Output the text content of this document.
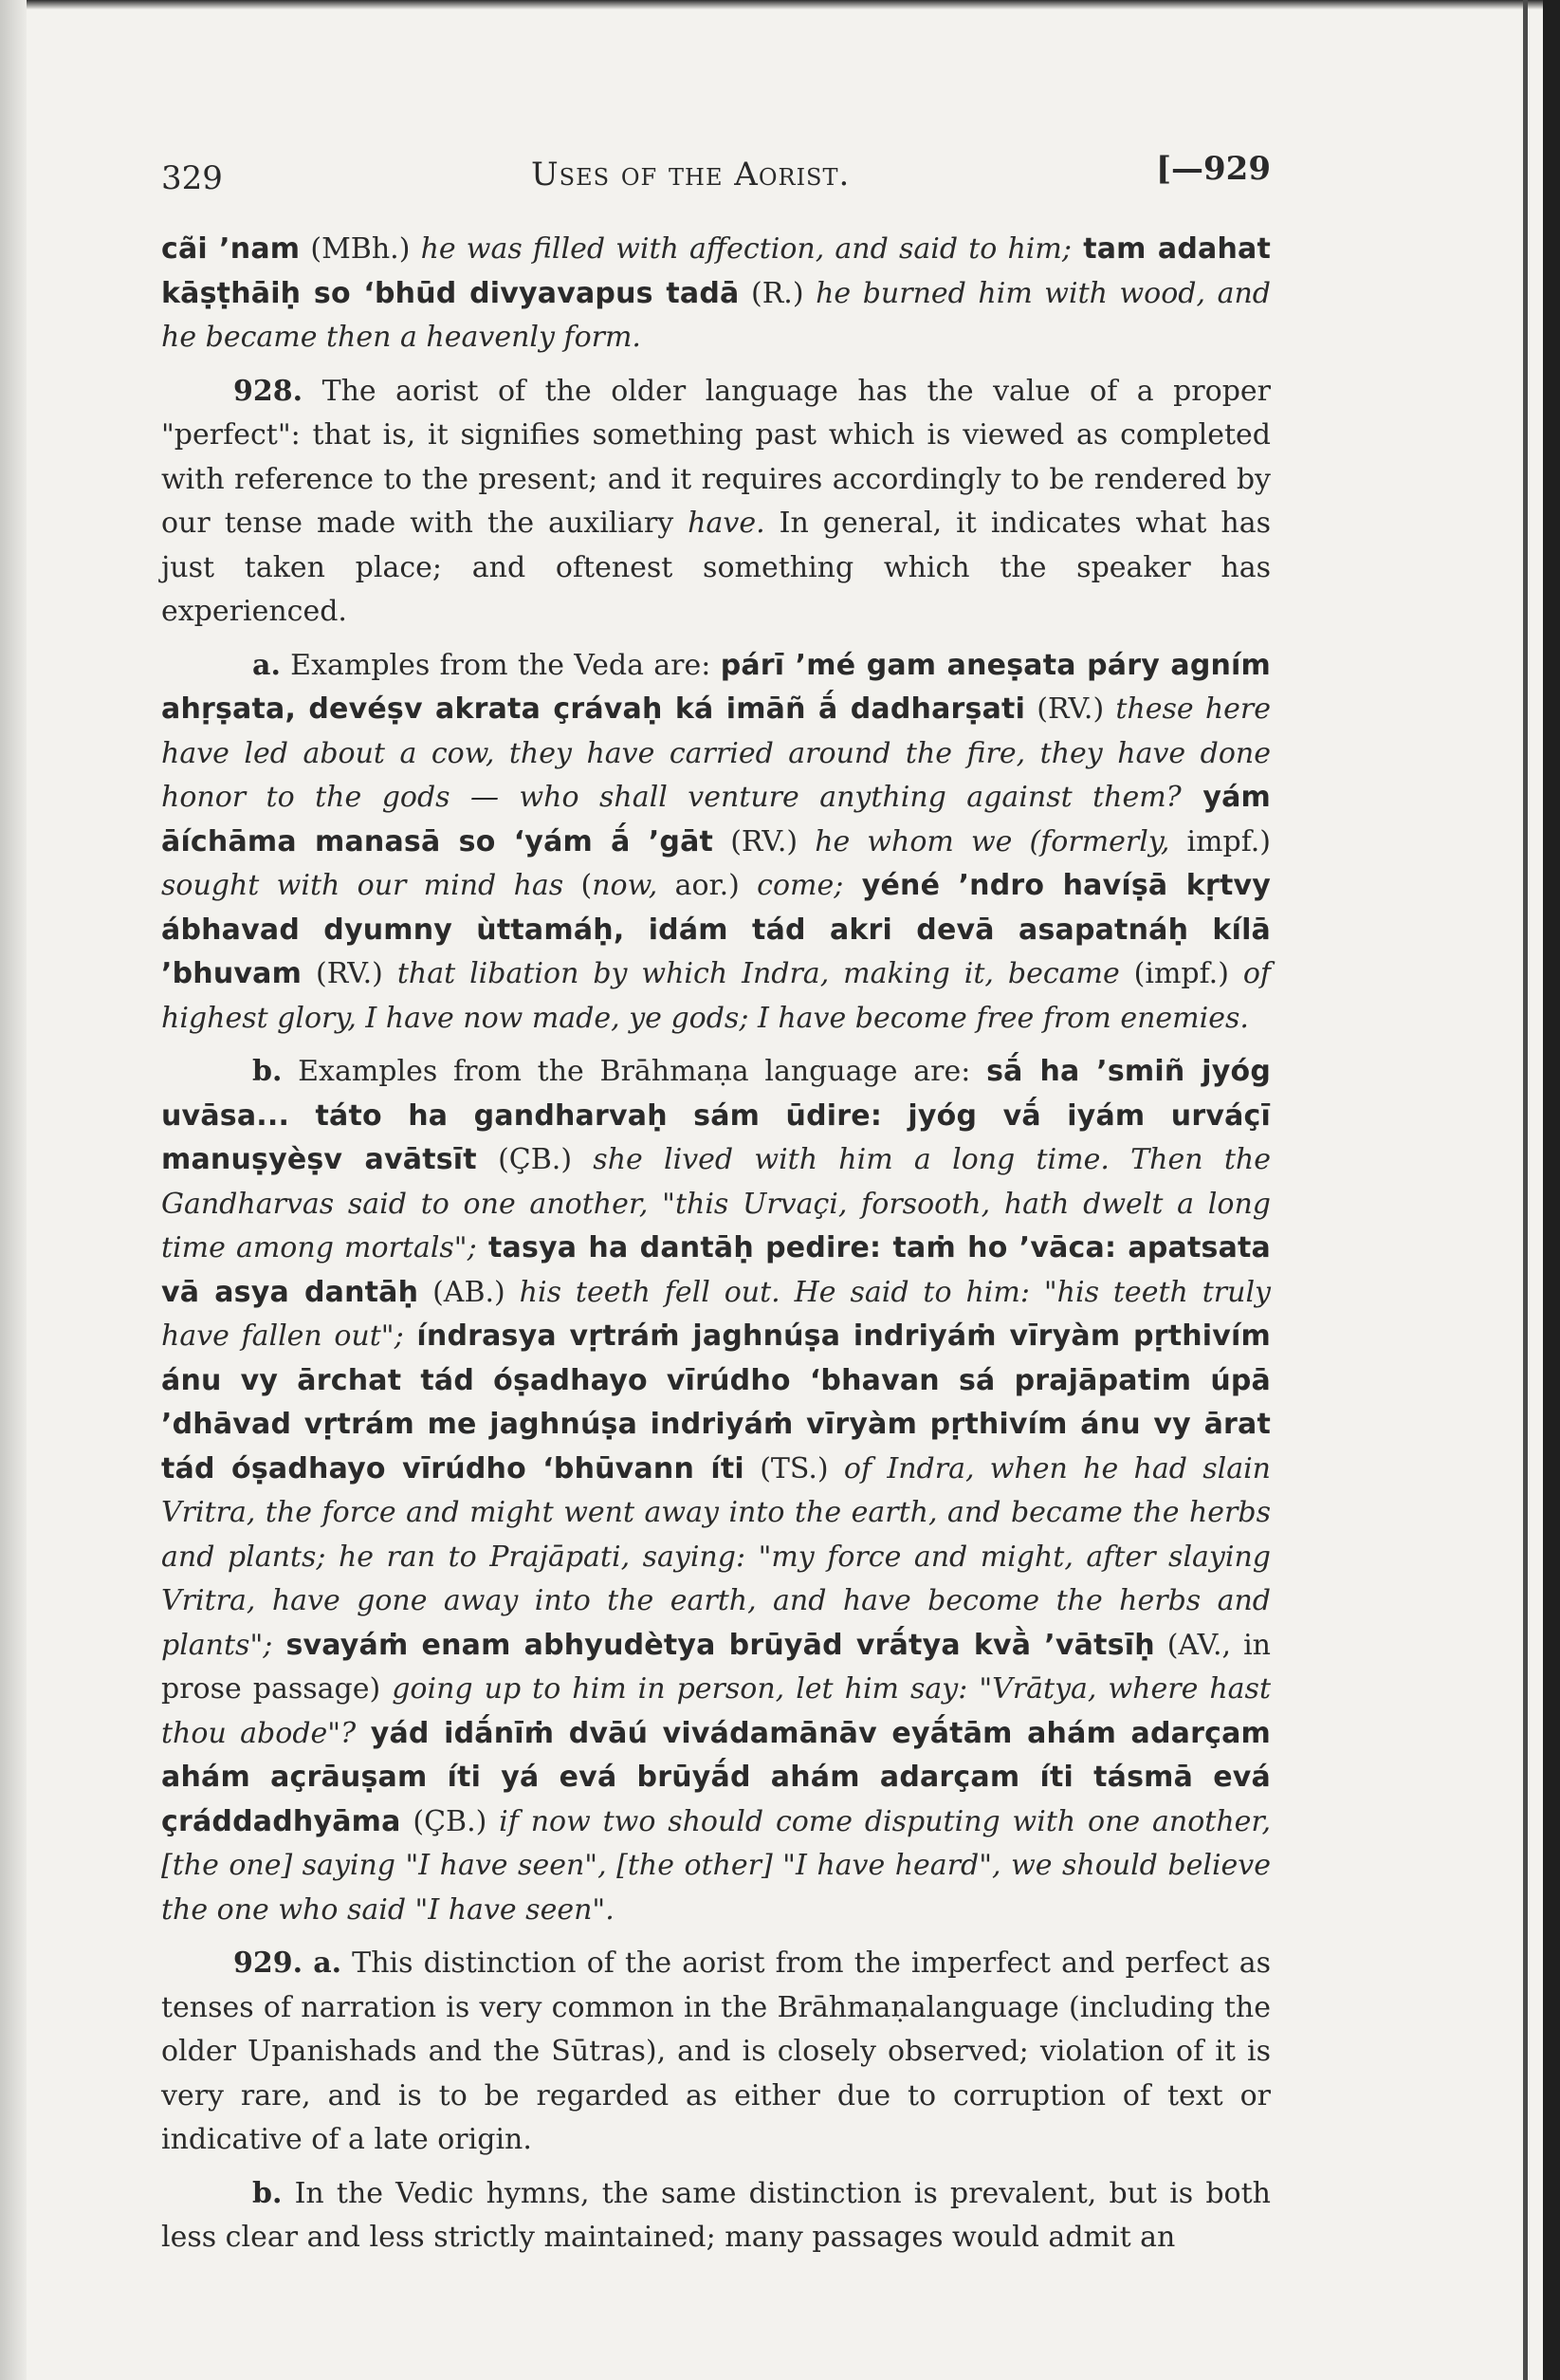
329	Uses of the Aorist.	[—929

cãi ’nam (MBh.) he was filled with affection, and said to him; tam adahat kāṣṭhāiḥ so ‘bhūd divyavapus tadā (R.) he burned him with wood, and he became then a heavenly form.

928. The aorist of the older language has the value of a proper "perfect": that is, it signifies something past which is viewed as completed with reference to the present; and it requires accordingly to be rendered by our tense made with the auxiliary have. In general, it indicates what has just taken place; and oftenest something which the speaker has experienced.

a. Examples from the Veda are: párī ’mé gam aneṣata páry agním ahṛṣata, devéṣv akrata çrávaḥ ká imāñ ā́ dadharṣati (RV.) these here have led about a cow, they have carried around the fire, they have done honor to the gods — who shall venture anything against them? yám āíchāma manasā so ‘yám ā́ ’gāt (RV.) he whom we (formerly, impf.) sought with our mind has (now, aor.) come; yéné ’ndro havíṣā kṛtvy ábhavad dyumny ùttamáḥ, idám tád akri devā asapatnáḥ kílā ’bhuvam (RV.) that libation by which Indra, making it, became (impf.) of highest glory, I have now made, ye gods; I have become free from enemies.

b. Examples from the Brāhmaṇa language are: sā́ ha ’smiñ jyóg uvāsa... táto ha gandharvaḥ sám ūdire: jyóg vā́ iyám urváçī manuṣyèṣv avātsīt (ÇB.) she lived with him a long time. Then the Gandharvas said to one another, "this Urvaçi, forsooth, hath dwelt a long time among mortals"; tasya ha dantāḥ pedire: taṁ ho ’vāca: apatsata vā asya dantāḥ (AB.) his teeth fell out. He said to him: "his teeth truly have fallen out"; índrasya vṛtráṁ jaghnúṣa indriyáṁ vīryàm pṛthivím ánu vy ārchat tád óṣadhayo vīrúdho ‘bhavan sá prajāpatim úpā ’dhāvad vṛtrám me jaghnúṣa indriyáṁ vīryàm pṛthivím ánu vy ārat tád óṣadhayo vīrúdho ‘bhūvann íti (TS.) of Indra, when he had slain Vritra, the force and might went away into the earth, and became the herbs and plants; he ran to Prajāpati, saying: "my force and might, after slaying Vritra, have gone away into the earth, and have become the herbs and plants"; svayáṁ enam abhyudètya brūyād vrā́tya kvā̀ ’vātsīḥ (AV., in prose passage) going up to him in person, let him say: "Vrātya, where hast thou abode"? yád idā́nīṁ dvāú vivádamānāv eyā́tām ahám adarçam ahám açrāuṣam íti yá evá brūyā́d ahám adarçam íti tásmā evá çráddadhyāma (ÇB.) if now two should come disputing with one another, [the one] saying "I have seen", [the other] "I have heard", we should believe the one who said "I have seen".

929. a. This distinction of the aorist from the imperfect and perfect as tenses of narration is very common in the Brāhmaṇalanguage (including the older Upanishads and the Sūtras), and is closely observed; violation of it is very rare, and is to be regarded as either due to corruption of text or indicative of a late origin.

b. In the Vedic hymns, the same distinction is prevalent, but is both less clear and less strictly maintained; many passages would admit an
